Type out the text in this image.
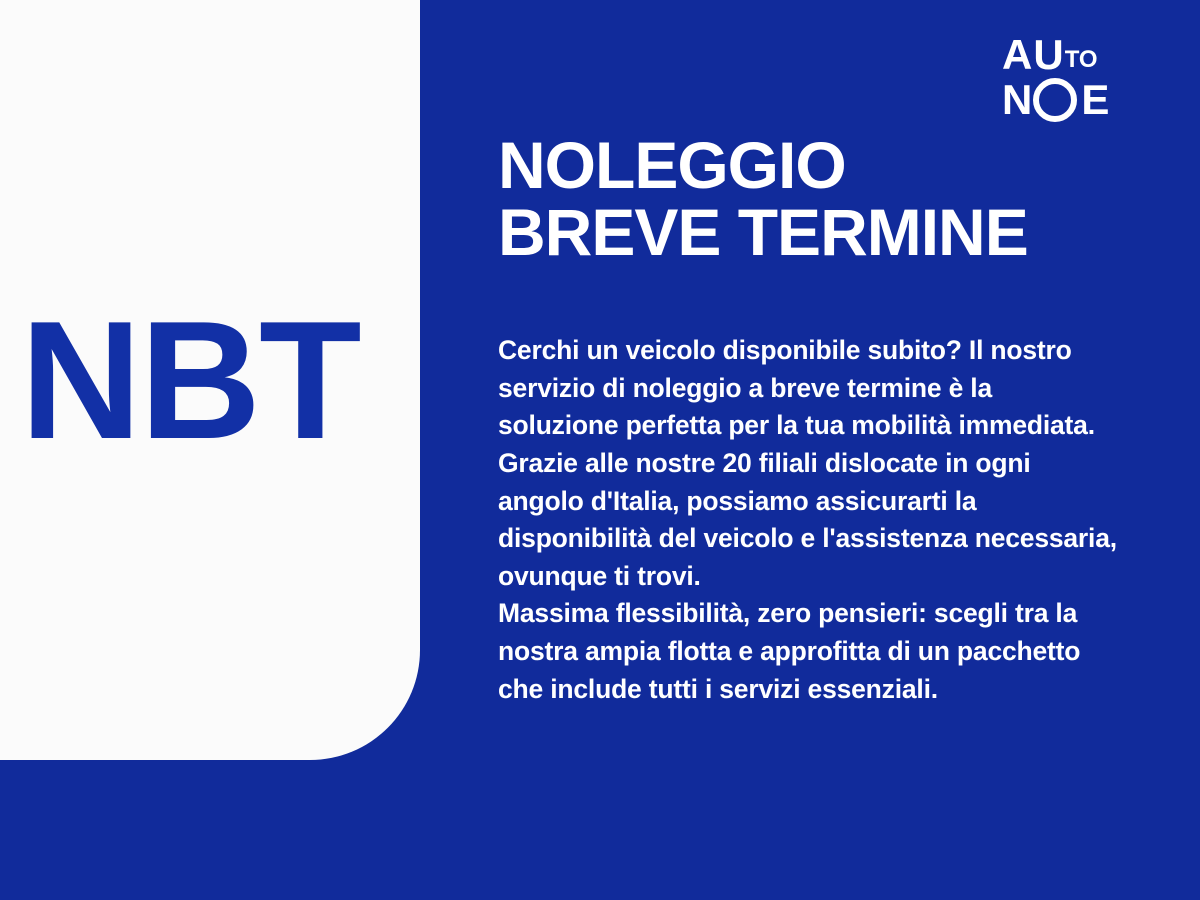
NBT
A U TO
N E
NOLEGGIO
BREVE TERMINE

Cerchi un veicolo disponibile subito? Il nostro servizio di noleggio a breve termine è la soluzione perfetta per la tua mobilità immediata.

Grazie alle nostre 20 filiali dislocate in ogni angolo d'Italia, possiamo assicurarti la disponibilità del veicolo e l'assistenza necessaria, ovunque ti trovi.

Massima flessibilità, zero pensieri: scegli tra la nostra ampia flotta e approfitta di un pacchetto che include tutti i servizi essenziali.
